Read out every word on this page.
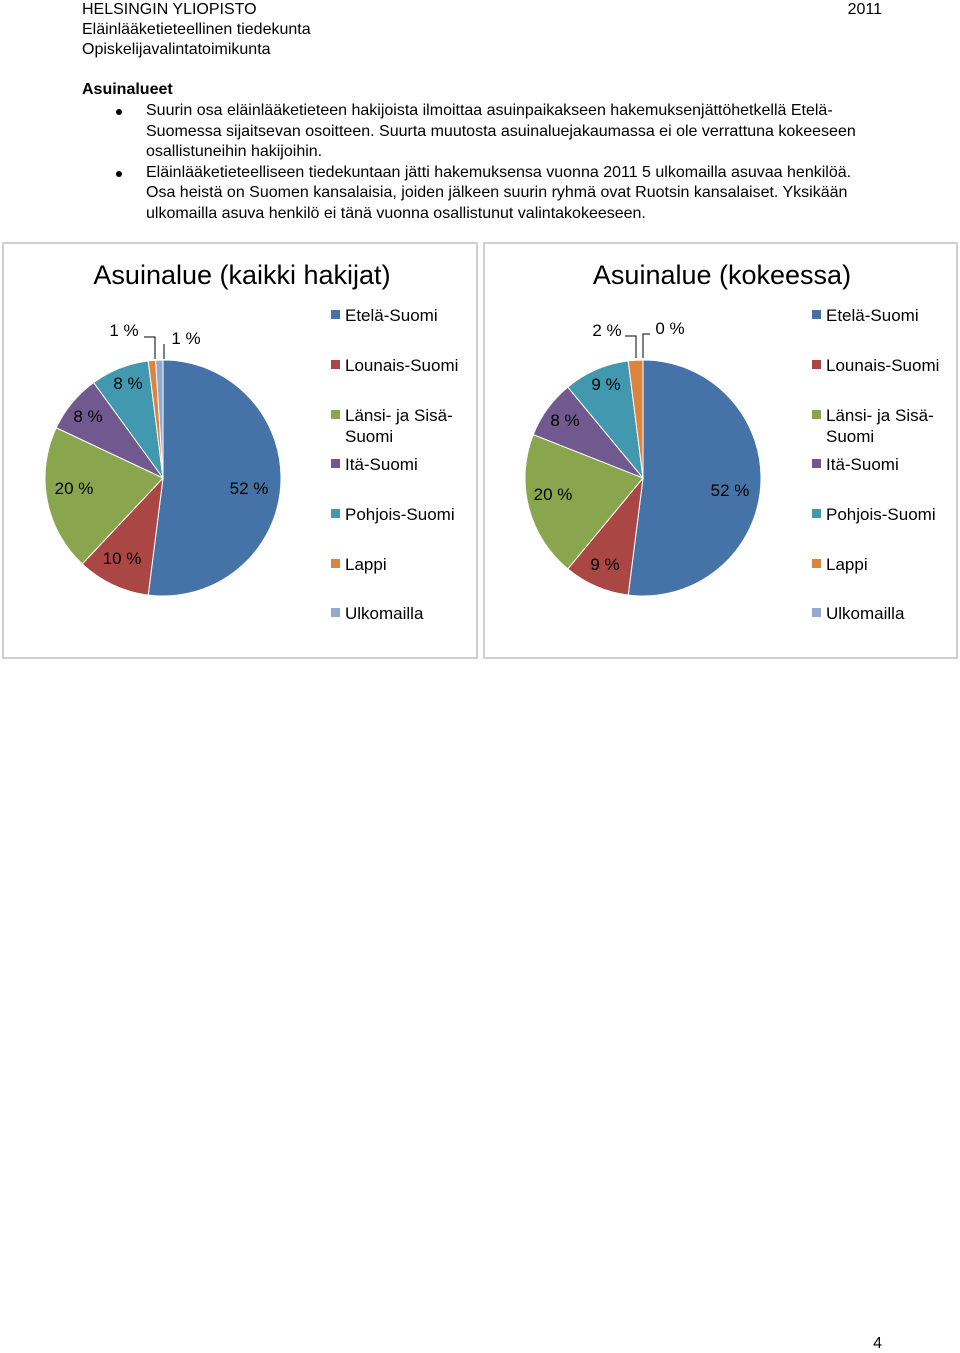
HELSINGIN YLIOPISTO
Eläinlääketieteellinen tiedekunta
Opiskelijavalintatoimikunta
2011
Asuinalueet
Suurin osa eläinlääketieteen hakijoista ilmoittaa asuinpaikakseen hakemuksenjättöhetkellä Etelä-Suomessa sijaitsevan osoitteen. Suurta muutosta asuinaluejakaumassa ei ole verrattuna kokeeseen osallistuneihin hakijoihin.
Eläinlääketieteelliseen tiedekuntaan jätti hakemuksensa vuonna 2011 5 ulkomailla asuvaa henkilöä. Osa heistä on Suomen kansalaisia, joiden jälkeen suurin ryhmä ovat Ruotsin kansalaiset. Yksikään ulkomailla asuva henkilö ei tänä vuonna osallistunut valintakokeeseen.
Asuinalue (kaikki hakijat)
52 %
10 %
20 %
8 %
8 %
1 % 1 %
Etelä-Suomi
Lounais-Suomi
Länsi- ja Sisä-Suomi
Itä-Suomi
Pohjois-Suomi
Lappi
Ulkomailla
Asuinalue (kokeessa)
52 %
9 %
20 %
8 %
9 %
2 % 0 %
Etelä-Suomi
Lounais-Suomi
Länsi- ja Sisä-Suomi
Itä-Suomi
Pohjois-Suomi
Lappi
Ulkomailla
4
